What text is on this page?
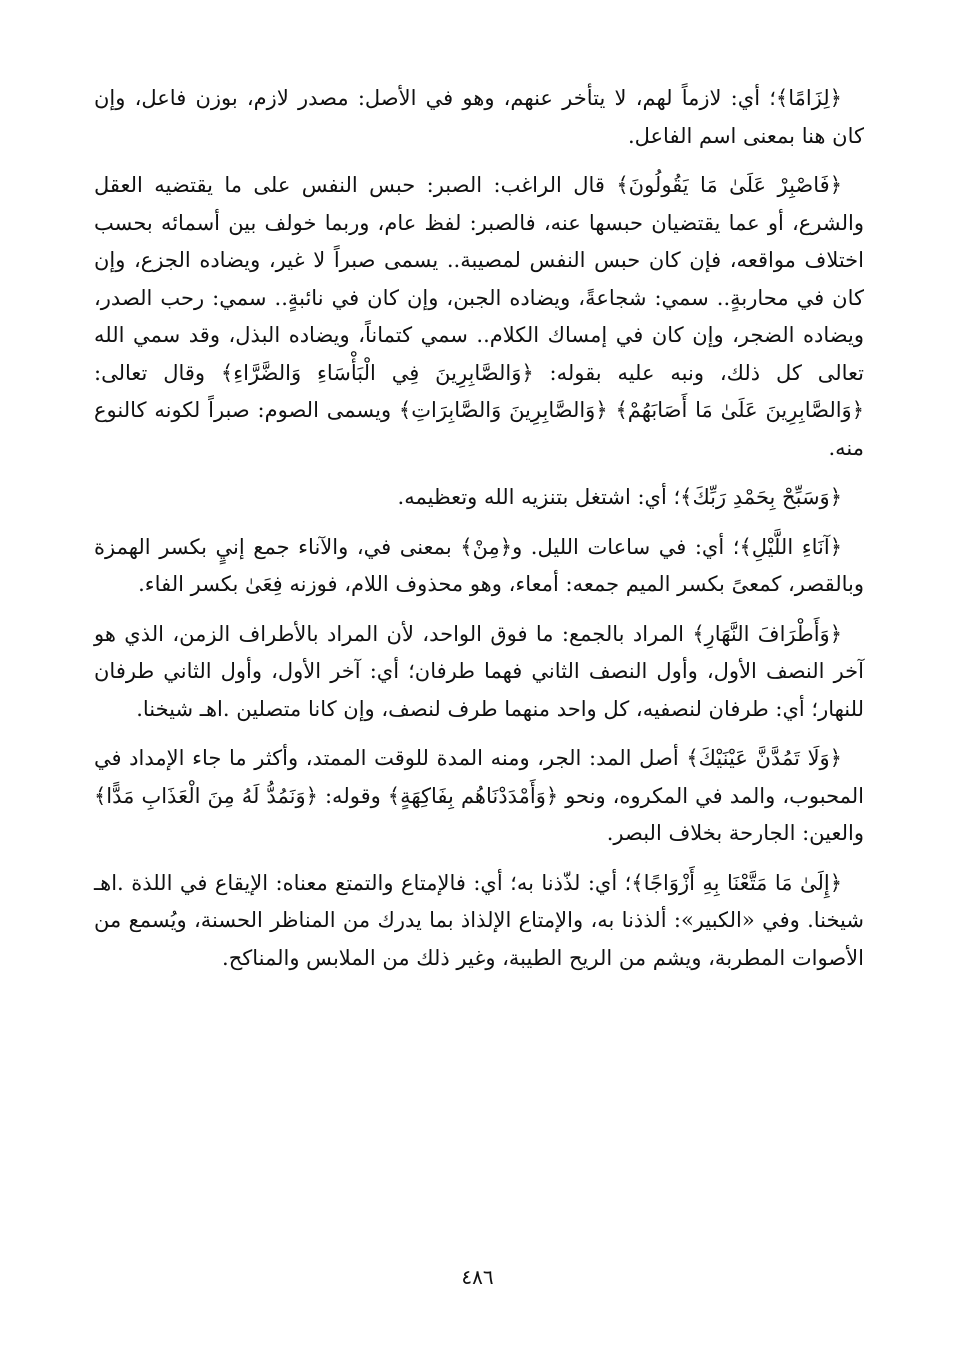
﴿لِزَامًا﴾؛ أي: لازماً لهم، لا يتأخر عنهم، وهو في الأصل: مصدر لازم، بوزن فاعل، وإن كان هنا بمعنى اسم الفاعل.

﴿فَاصْبِرْ عَلَىٰ مَا يَقُولُونَ﴾ قال الراغب: الصبر: حبس النفس على ما يقتضيه العقل والشرع، أو عما يقتضيان حبسها عنه، فالصبر: لفظ عام، وربما خولف بين أسمائه بحسب اختلاف مواقعه، فإن كان حبس النفس لمصيبة.. يسمى صبراً لا غير، ويضاده الجزع، وإن كان في محاربةٍ.. سمي: شجاعةً، ويضاده الجبن، وإن كان في نائبةٍ.. سمي: رحب الصدر، ويضاده الضجر، وإن كان في إمساك الكلام.. سمي كتماناً، ويضاده البذل، وقد سمي الله تعالى كل ذلك، ونبه عليه بقوله: ﴿وَالصَّابِرِينَ فِي الْبَأْسَاءِ وَالضَّرَّاءِ﴾ وقال تعالى: ﴿وَالصَّابِرِينَ عَلَىٰ مَا أَصَابَهُمْ﴾ ﴿وَالصَّابِرِينَ وَالصَّابِرَاتِ﴾ ويسمى الصوم: صبراً لكونه كالنوع منه.

﴿وَسَبِّحْ بِحَمْدِ رَبِّكَ﴾؛ أي: اشتغل بتنزيه الله وتعظيمه.

﴿آنَاءِ اللَّيْلِ﴾؛ أي: في ساعات الليل. و﴿مِنْ﴾ بمعنى في، والآناء جمع إنيٍ بكسر الهمزة وبالقصر، كمعىً بكسر الميم جمعه: أمعاء، وهو محذوف اللام، فوزنه فِعَىٰ بكسر الفاء.

﴿وَأَطْرَافَ النَّهَارِ﴾ المراد بالجمع: ما فوق الواحد، لأن المراد بالأطراف الزمن، الذي هو آخر النصف الأول، وأول النصف الثاني فهما طرفان؛ أي: آخر الأول، وأول الثاني طرفان للنهار؛ أي: طرفان لنصفيه، كل واحد منهما طرف لنصف، وإن كانا متصلين .اهـ شيخنا.

﴿وَلَا تَمُدَّنَّ عَيْنَيْكَ﴾ أصل المد: الجر، ومنه المدة للوقت الممتد، وأكثر ما جاء الإمداد في المحبوب، والمد في المكروه، ونحو ﴿وَأَمْدَدْنَاهُم بِفَاكِهَةٍ﴾ وقوله: ﴿وَنَمُدُّ لَهُ مِنَ الْعَذَابِ مَدًّا﴾ والعين: الجارحة بخلاف البصر.

﴿إِلَىٰ مَا مَتَّعْنَا بِهِ أَزْوَاجًا﴾؛ أي: لذّذنا به؛ أي: فالإمتاع والتمتع معناه: الإيقاع في اللذة .اهـ شيخنا. وفي «الكبير»: ألذذنا به، والإمتاع الإلذاذ بما يدرك من المناظر الحسنة، ويُسمع من الأصوات المطربة، ويشم من الريح الطيبة، وغير ذلك من الملابس والمناكح.

٤٨٦
